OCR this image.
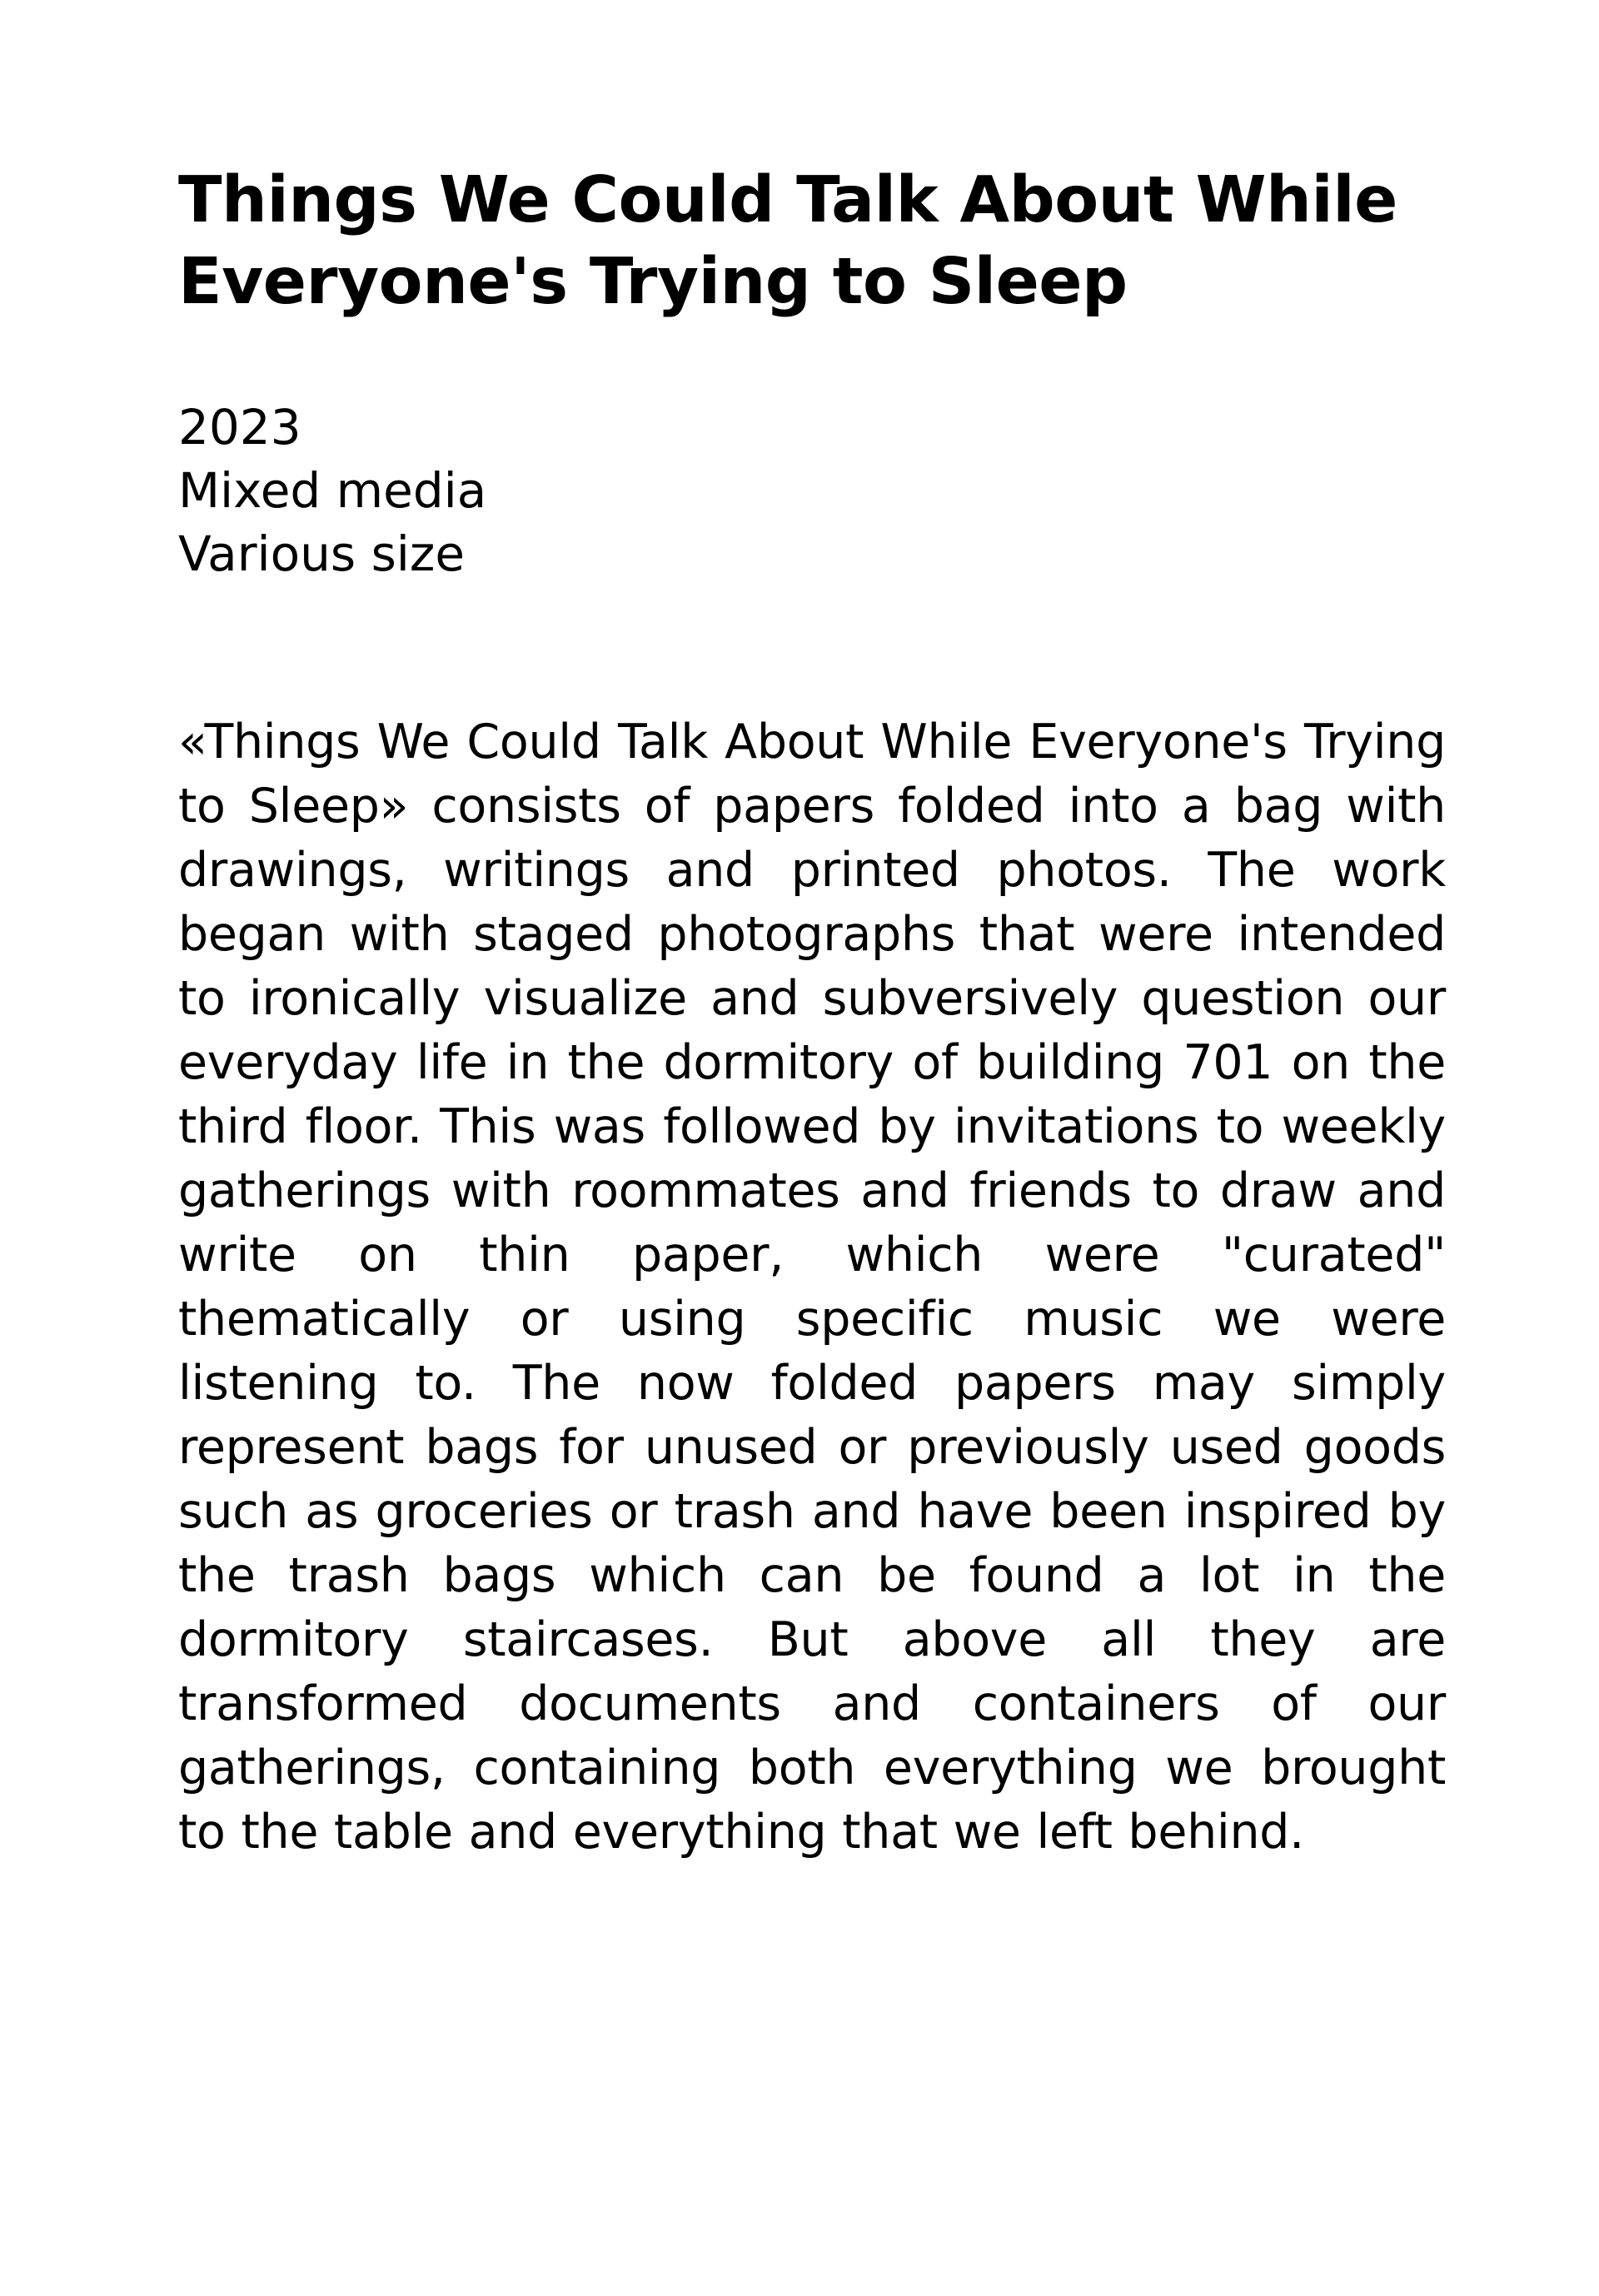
Things We Could Talk About While Everyone's Trying to Sleep
2023
Mixed media
Various size

«Things We Could Talk About While Everyone's Trying to Sleep» consists of papers folded into a bag with drawings, writings and printed photos. The work began with staged photographs that were intended to ironically visualize and subversively question our everyday life in the dormitory of building 701 on the third floor. This was followed by invitations to weekly gatherings with roommates and friends to draw and write on thin paper, which were "curated" thematically or using specific music we were listening to. The now folded papers may simply represent bags for unused or previously used goods such as groceries or trash and have been inspired by the trash bags which can be found a lot in the dormitory staircases. But above all they are transformed documents and containers of our gatherings, containing both everything we brought to the table and everything that we left behind.
